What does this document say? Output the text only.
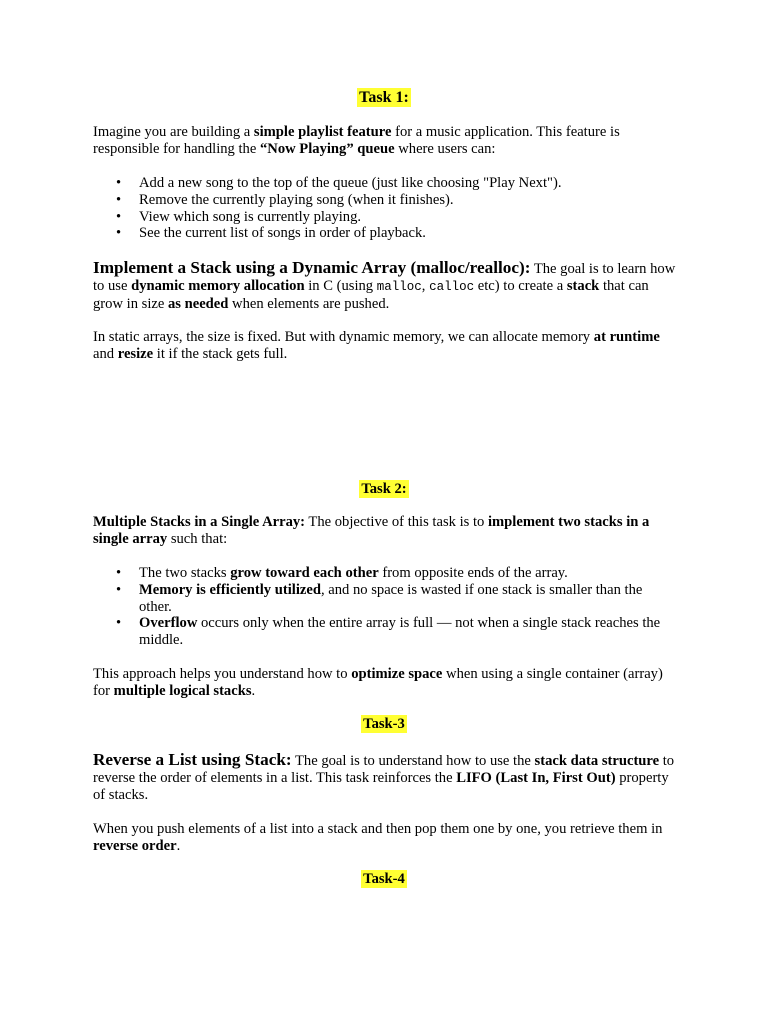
Task 1:

Imagine you are building a simple playlist feature for a music application. This feature is responsible for handling the “Now Playing” queue where users can:

• Add a new song to the top of the queue (just like choosing "Play Next").
• Remove the currently playing song (when it finishes).
• View which song is currently playing.
• See the current list of songs in order of playback.

Implement a Stack using a Dynamic Array (malloc/realloc): The goal is to learn how to use dynamic memory allocation in C (using malloc, calloc etc) to create a stack that can grow in size as needed when elements are pushed.

In static arrays, the size is fixed. But with dynamic memory, we can allocate memory at runtime and resize it if the stack gets full.

Task 2:

Multiple Stacks in a Single Array: The objective of this task is to implement two stacks in a single array such that:

• The two stacks grow toward each other from opposite ends of the array.
• Memory is efficiently utilized, and no space is wasted if one stack is smaller than the other.
• Overflow occurs only when the entire array is full — not when a single stack reaches the middle.

This approach helps you understand how to optimize space when using a single container (array) for multiple logical stacks.

Task-3

Reverse a List using Stack: The goal is to understand how to use the stack data structure to reverse the order of elements in a list. This task reinforces the LIFO (Last In, First Out) property of stacks.

When you push elements of a list into a stack and then pop them one by one, you retrieve them in reverse order.

Task-4
